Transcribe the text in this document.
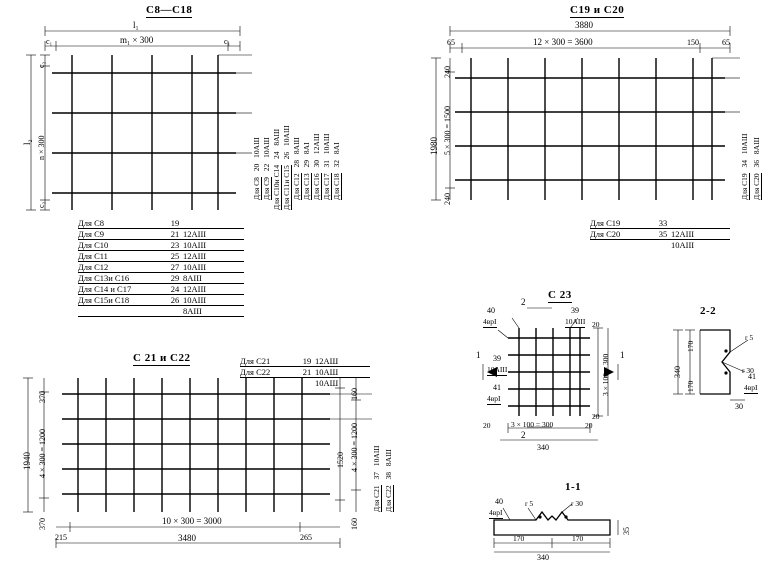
С8—С18	С19 и С20
С 21 и С22
С 23
2-2
1-1
l₁
m₁ × 300
c₁	c₁
l₂ n × 300
c₂
c₂
Для С8 20 10АШ
Для С9 22 10АШ
Для С10и С14 24 8АШ
Для С11и С15 26 10АШ
Для С12 28 8АШ
Для С13 29 8АI
Для С16 30 12АШ
Для С17 31 10АШ
Для С18 32 8АI
Для С8	19
Для С9	21 12АIII
Для С10	23 10АIII
Для С11	25 12АIII
Для С12	27 10АIII
Для С13и С16	29 8АIII
Для С14 и С17	24 12АIII
Для С15и С18	26 10АIII
8АIII
3880
12 × 300 = 3600
65	150	65
1980 5 × 300 = 1500
240
240	Для С19 34 10АШ
Для С20 36 8АШ
Для С19	33
Для С20	35 12АIII
10АIII
1940 4 × 300 = 1200
370
370
4 × 300 = 1200
1520
160
160
10 × 300 = 3000
3480
215	265
Для С21	19 12АШ
Для С22	21 10АШ
10АШ
Для С21 37 10АШ
Для С22 38 8АШ
2
2
1	1
40
4вpI
39
10АIII
39
10АIII
41
4вpI
20
20
3 × 100 = 300
20	20
3 × 100 = 300
340
170
170
340
r 5
r 30
41
4вpI
30
40
4вpI
r 5	r 30
170	170
340
35
